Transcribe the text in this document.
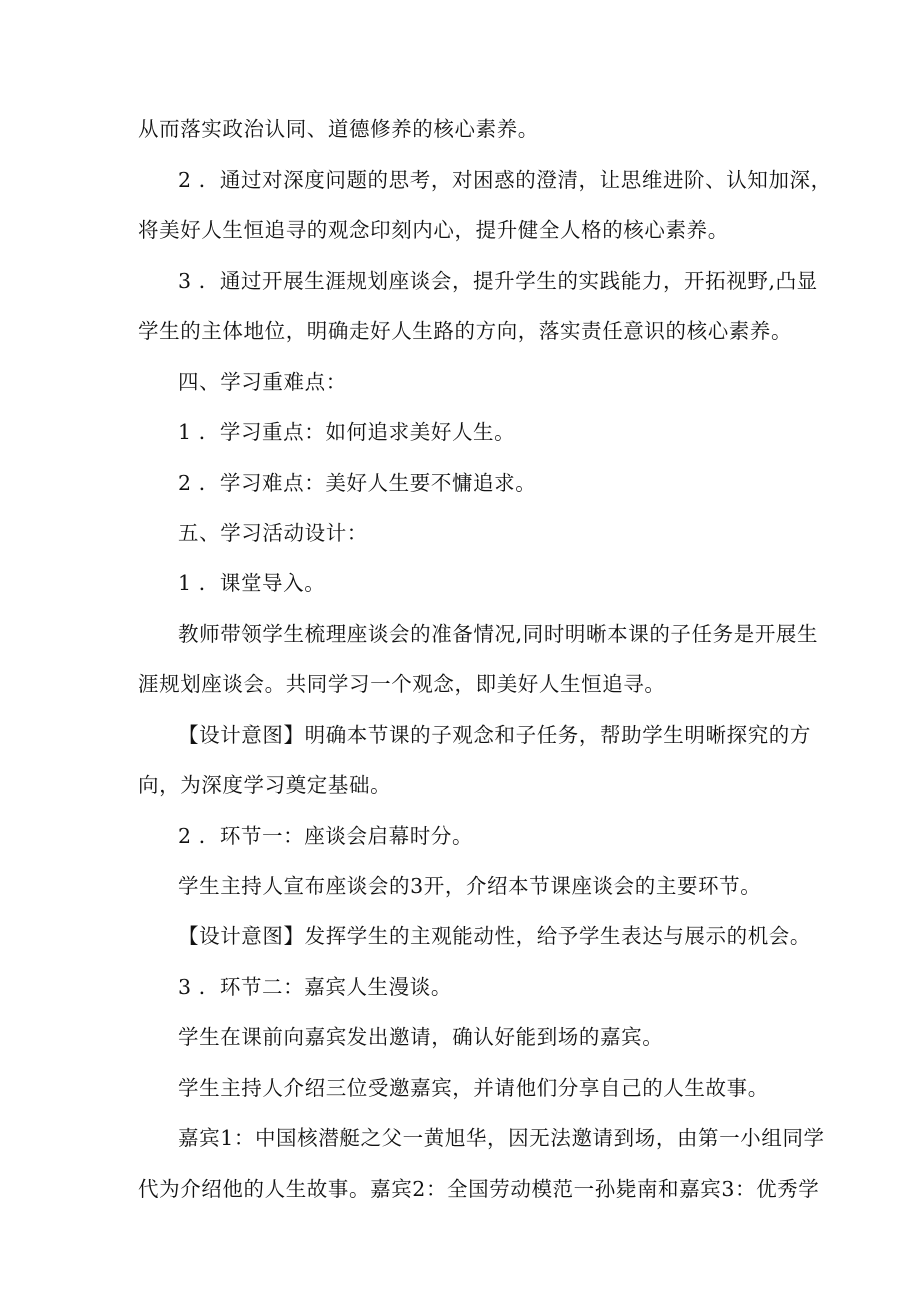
从而落实政治认同、道德修养的核心素养。
2 ．通过对深度问题的思考，对困惑的澄清，让思维进阶、认知加深，
将美好人生恒追寻的观念印刻内心，提升健全人格的核心素养。
3 ．通过开展生涯规划座谈会，提升学生的实践能力，开拓视野,凸显
学生的主体地位，明确走好人生路的方向，落实责任意识的核心素养。
四、学习重难点：
1 ．学习重点：如何追求美好人生。
2 ．学习难点：美好人生要不慵追求。
五、学习活动设计：
1 ．课堂导入。
教师带领学生梳理座谈会的准备情况,同时明晰本课的子任务是开展生
涯规划座谈会。共同学习一个观念，即美好人生恒追寻。
【设计意图】明确本节课的子观念和子任务，帮助学生明晰探究的方
向，为深度学习奠定基础。
2 ．环节一：座谈会启幕时分。
学生主持人宣布座谈会的3开，介绍本节课座谈会的主要环节。
【设计意图】发挥学生的主观能动性，给予学生表达与展示的机会。
3 ．环节二：嘉宾人生漫谈。
学生在课前向嘉宾发出邀请，确认好能到场的嘉宾。
学生主持人介绍三位受邀嘉宾，并请他们分享自己的人生故事。
嘉宾1：中国核潜艇之父一黄旭华，因无法邀请到场，由第一小组同学
代为介绍他的人生故事。嘉宾2：全国劳动模范一孙毙南和嘉宾3：优秀学
